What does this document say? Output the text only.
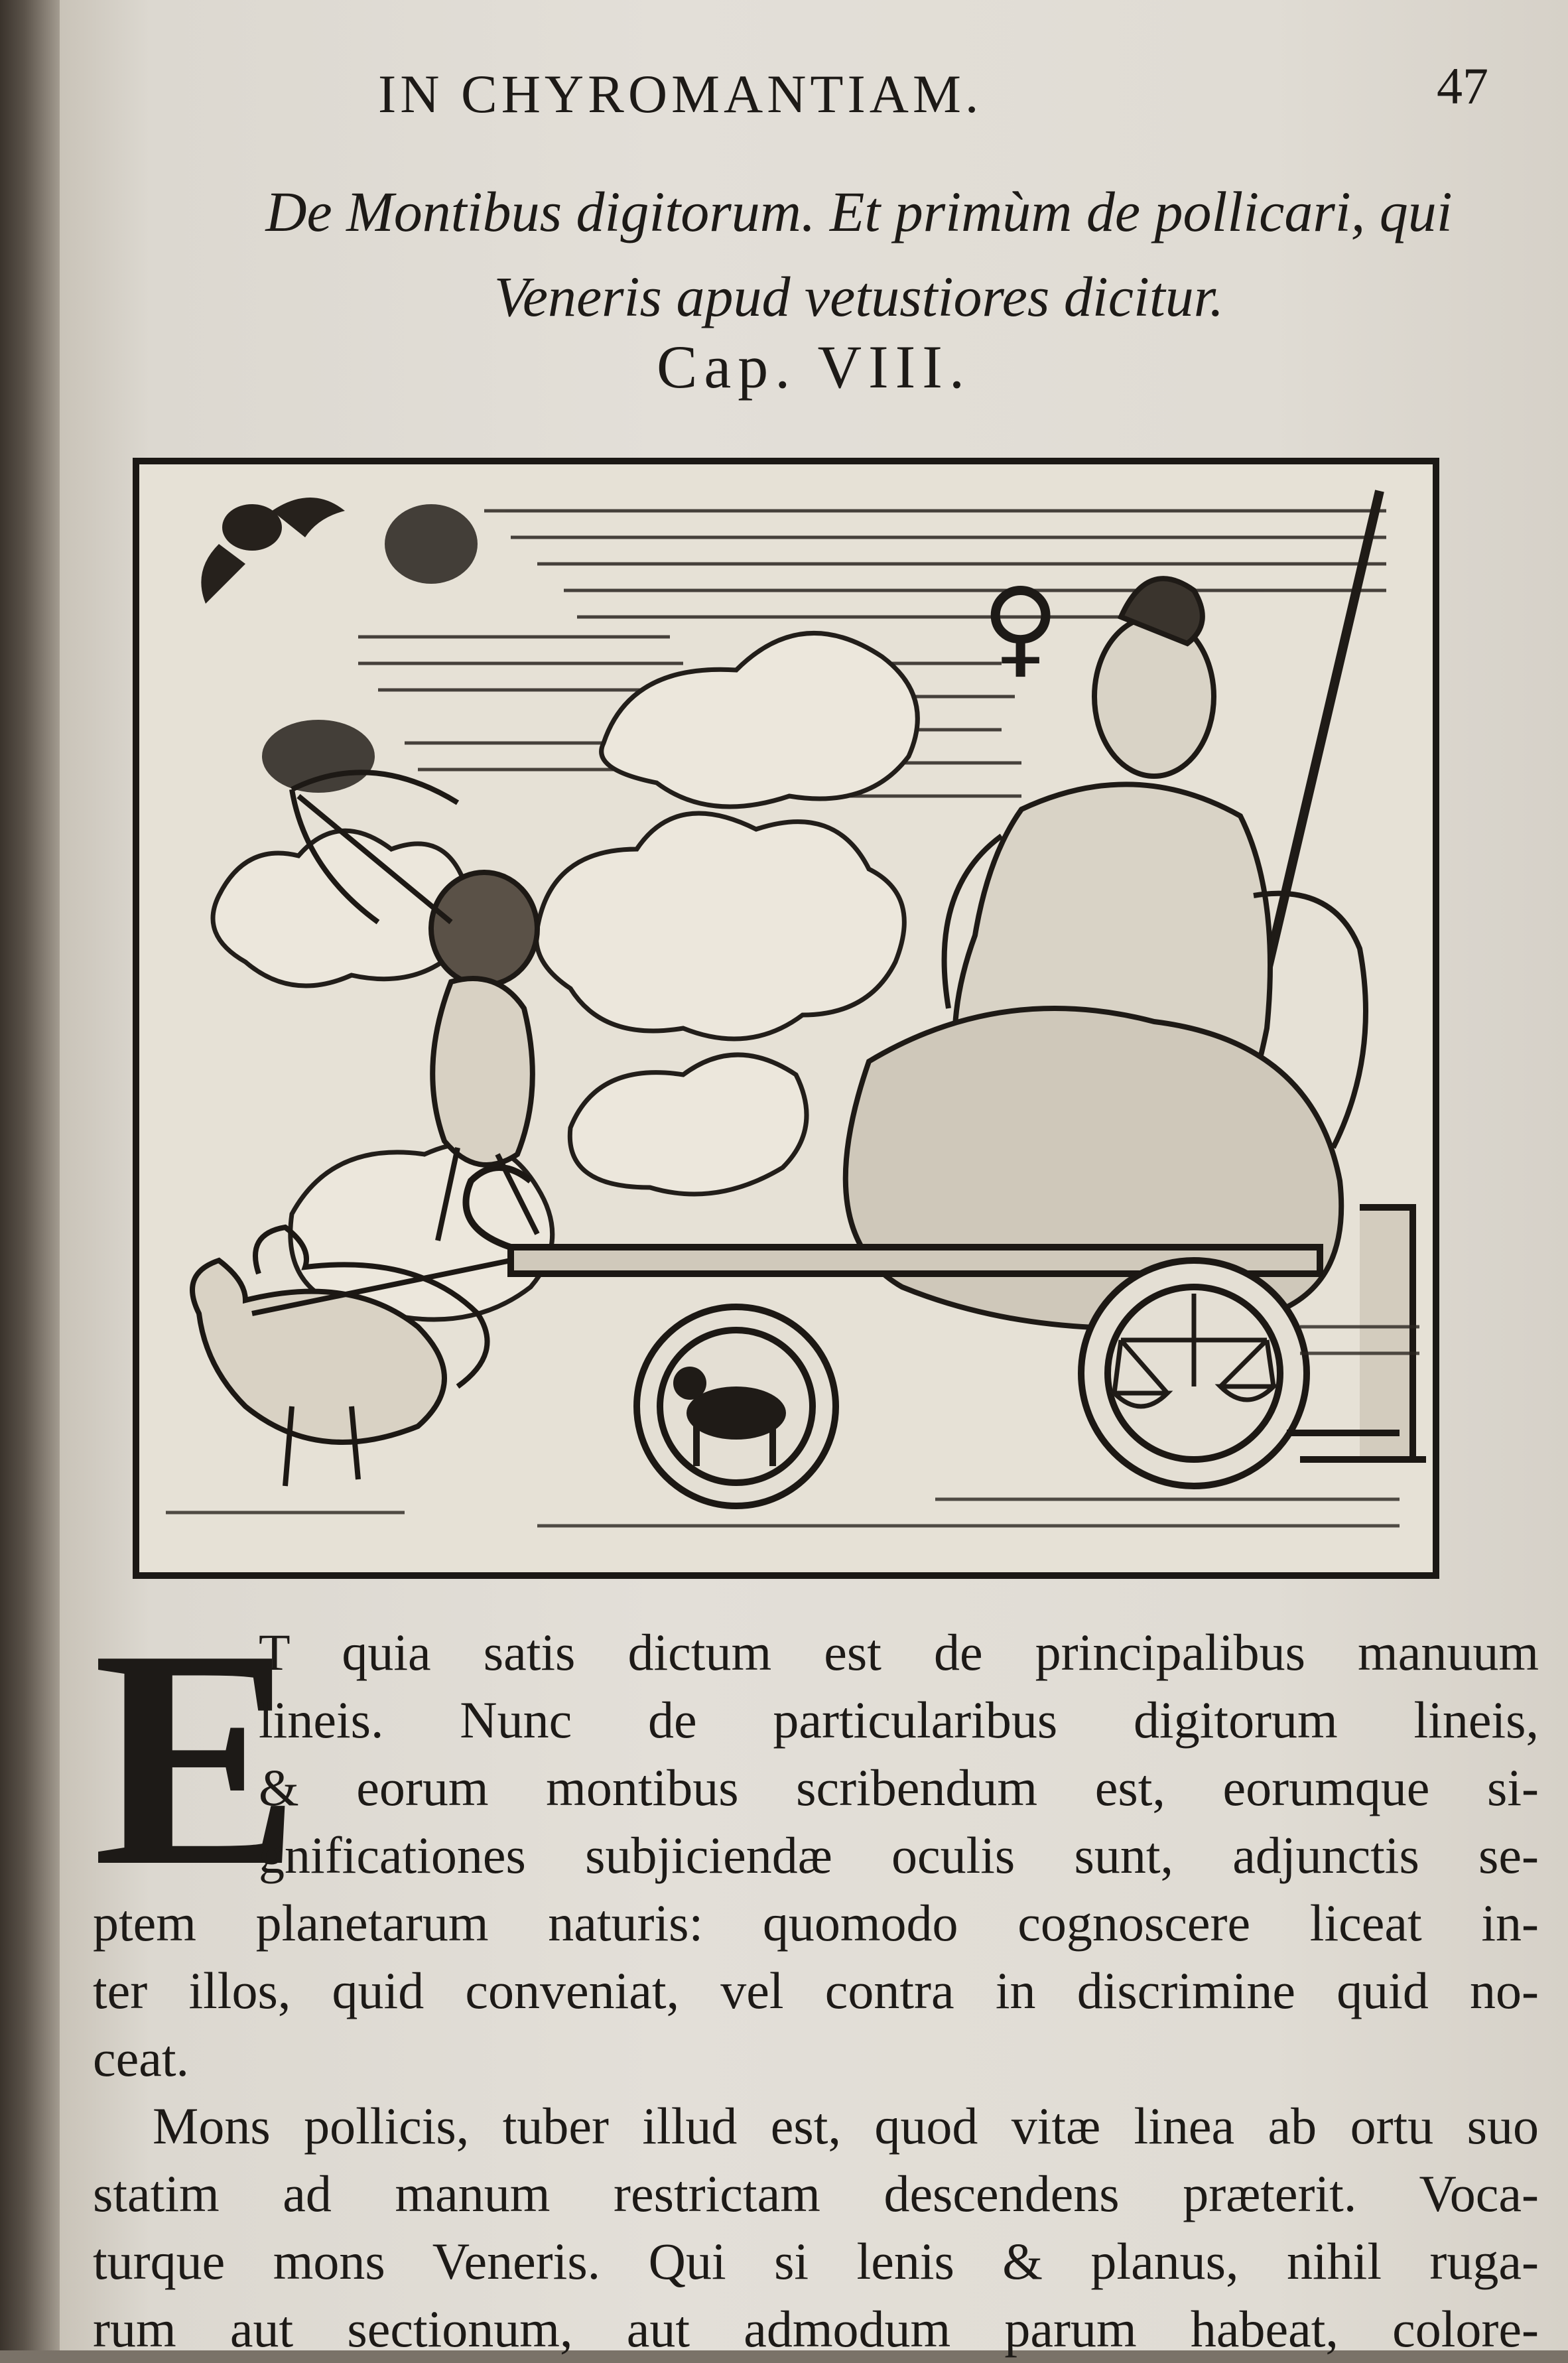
IN CHYROMANTIAM.	47
De Montibus digitorum. Et primùm de pollicari, qui
Veneris apud vetustiores dicitur.
Cap. VIII.
♀
E
T quia satis dictum est de principalibus manuum
lineis. Nunc de particularibus digitorum lineis,
& eorum montibus scribendum est, eorumque si-
gnificationes subjiciendæ oculis sunt, adjunctis se-
ptem planetarum naturis: quomodo cognoscere liceat in-
ter illos, quid conveniat, vel contra in discrimine quid no-
ceat.
Mons pollicis, tuber illud est, quod vitæ linea ab ortu suo
statim ad manum restrictam descendens præterit. Voca-
turque mons Veneris. Qui si lenis & planus, nihil ruga-
rum aut sectionum, aut admodum parum habeat, colore-
